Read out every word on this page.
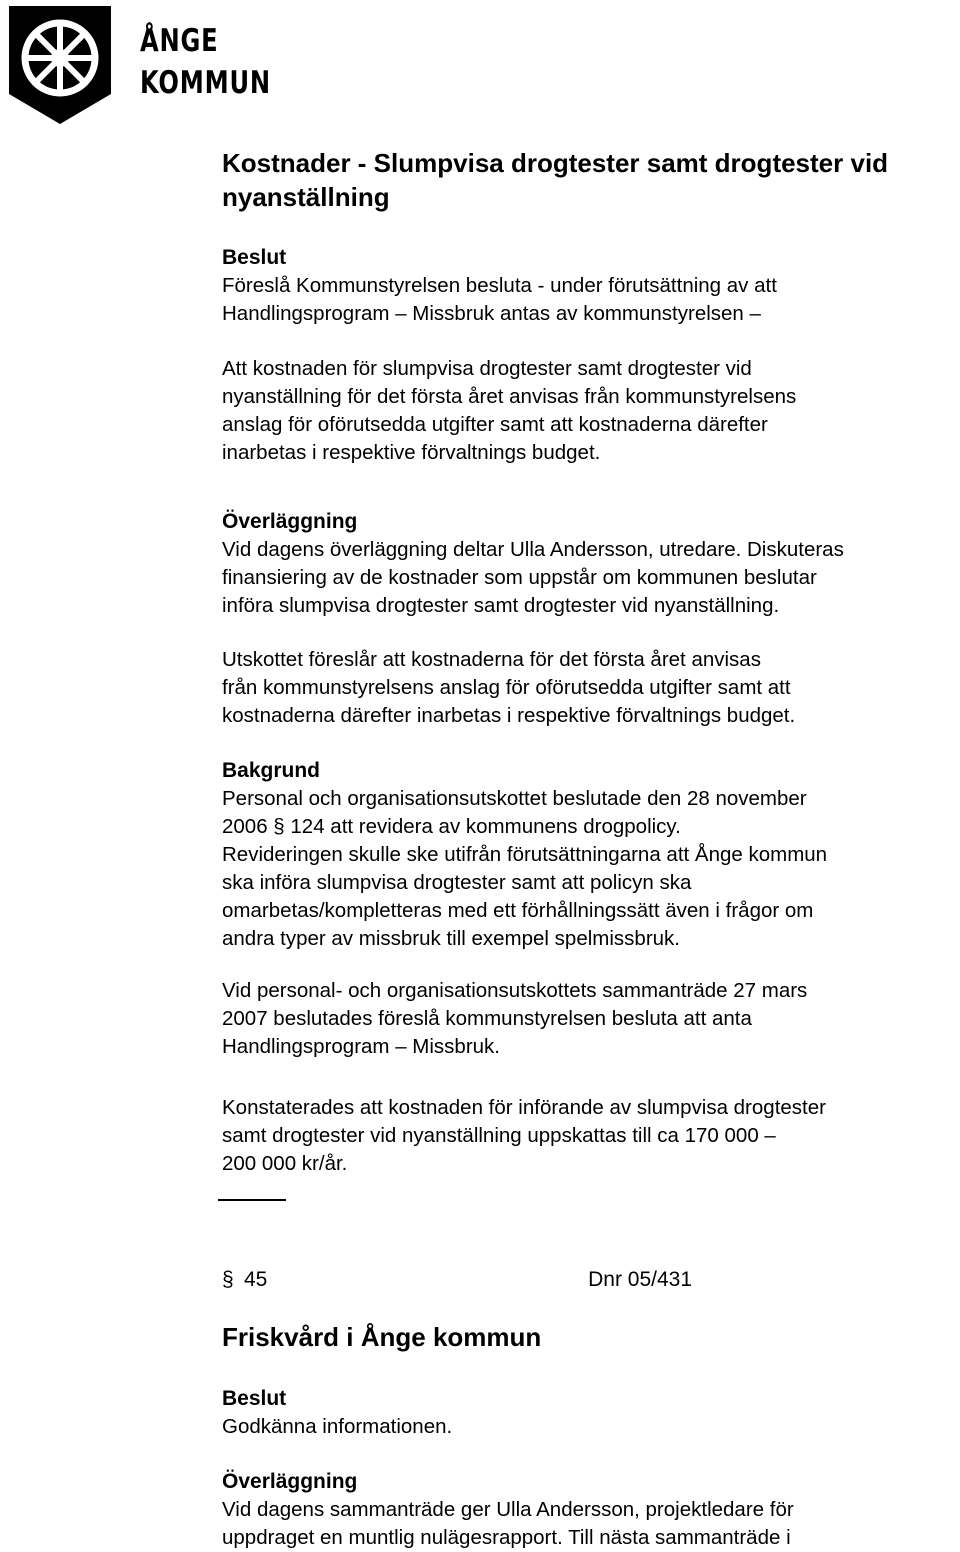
ÅNGE
KOMMUN
Kostnader - Slumpvisa drogtester samt drogtester vid
nyanställning
Beslut
Föreslå Kommunstyrelsen besluta - under förutsättning av att
Handlingsprogram – Missbruk antas av kommunstyrelsen –
Att kostnaden för slumpvisa drogtester samt drogtester vid
nyanställning för det första året anvisas från kommunstyrelsens
anslag för oförutsedda utgifter samt att kostnaderna därefter
inarbetas i respektive förvaltnings budget.
Överläggning
Vid dagens överläggning deltar Ulla Andersson, utredare. Diskuteras
finansiering av de kostnader som uppstår om kommunen beslutar
införa slumpvisa drogtester samt drogtester vid nyanställning.
Utskottet föreslår att kostnaderna för det första året anvisas
från kommunstyrelsens anslag för oförutsedda utgifter samt att
kostnaderna därefter inarbetas i respektive förvaltnings budget.
Bakgrund
Personal och organisationsutskottet beslutade den 28 november
2006 § 124 att revidera av kommunens drogpolicy.
Revideringen skulle ske utifrån förutsättningarna att Ånge kommun
ska införa slumpvisa drogtester samt att policyn ska
omarbetas/kompletteras med ett förhållningssätt även i frågor om
andra typer av missbruk till exempel spelmissbruk.
Vid personal- och organisationsutskottets sammanträde 27 mars
2007 beslutades föreslå kommunstyrelsen besluta att anta
Handlingsprogram – Missbruk.
Konstaterades att kostnaden för införande av slumpvisa drogtester
samt drogtester vid nyanställning uppskattas till ca 170 000 –
200 000 kr/år.
§ 45	Dnr 05/431
Friskvård i Ånge kommun
Beslut
Godkänna informationen.
Överläggning
Vid dagens sammanträde ger Ulla Andersson, projektledare för
uppdraget en muntlig nulägesrapport. Till nästa sammanträde i
